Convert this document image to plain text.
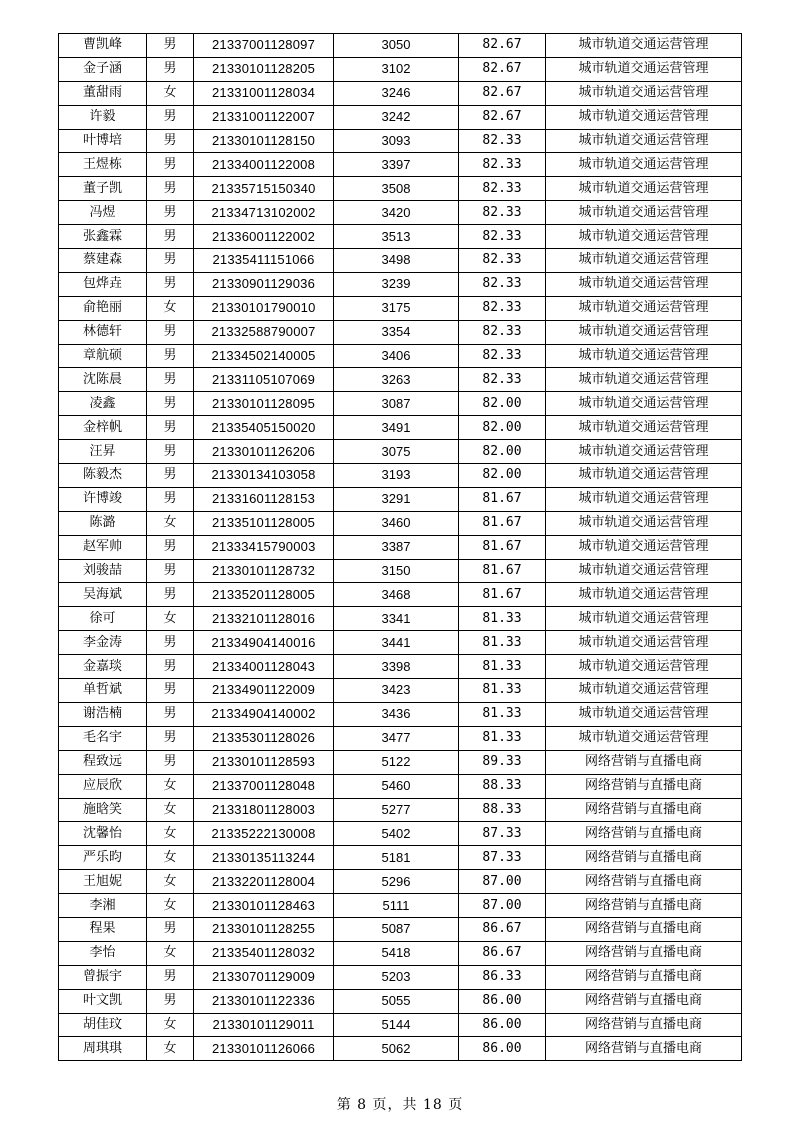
曹凯峰	男	21337001128097	3050	82.67	城市轨道交通运营管理
金子涵	男	21330101128205	3102	82.67	城市轨道交通运营管理
董甜雨	女	21331001128034	3246	82.67	城市轨道交通运营管理
许毅	男	21331001122007	3242	82.67	城市轨道交通运营管理
叶博培	男	21330101128150	3093	82.33	城市轨道交通运营管理
王煜栋	男	21334001122008	3397	82.33	城市轨道交通运营管理
董子凯	男	21335715150340	3508	82.33	城市轨道交通运营管理
冯煜	男	21334713102002	3420	82.33	城市轨道交通运营管理
张鑫霖	男	21336001122002	3513	82.33	城市轨道交通运营管理
蔡建森	男	21335411151066	3498	82.33	城市轨道交通运营管理
包烨垚	男	21330901129036	3239	82.33	城市轨道交通运营管理
俞艳丽	女	21330101790010	3175	82.33	城市轨道交通运营管理
林德轩	男	21332588790007	3354	82.33	城市轨道交通运营管理
章航硕	男	21334502140005	3406	82.33	城市轨道交通运营管理
沈陈晨	男	21331105107069	3263	82.33	城市轨道交通运营管理
凌鑫	男	21330101128095	3087	82.00	城市轨道交通运营管理
金梓帆	男	21335405150020	3491	82.00	城市轨道交通运营管理
汪昇	男	21330101126206	3075	82.00	城市轨道交通运营管理
陈毅杰	男	21330134103058	3193	82.00	城市轨道交通运营管理
许博竣	男	21331601128153	3291	81.67	城市轨道交通运营管理
陈潞	女	21335101128005	3460	81.67	城市轨道交通运营管理
赵军帅	男	21333415790003	3387	81.67	城市轨道交通运营管理
刘骏喆	男	21330101128732	3150	81.67	城市轨道交通运营管理
吴海斌	男	21335201128005	3468	81.67	城市轨道交通运营管理
徐可	女	21332101128016	3341	81.33	城市轨道交通运营管理
李金涛	男	21334904140016	3441	81.33	城市轨道交通运营管理
金嘉琰	男	21334001128043	3398	81.33	城市轨道交通运营管理
单哲斌	男	21334901122009	3423	81.33	城市轨道交通运营管理
谢浩楠	男	21334904140002	3436	81.33	城市轨道交通运营管理
毛名宇	男	21335301128026	3477	81.33	城市轨道交通运营管理
程致远	男	21330101128593	5122	89.33	网络营销与直播电商
应辰欣	女	21337001128048	5460	88.33	网络营销与直播电商
施晗笑	女	21331801128003	5277	88.33	网络营销与直播电商
沈馨怡	女	21335222130008	5402	87.33	网络营销与直播电商
严乐昀	女	21330135113244	5181	87.33	网络营销与直播电商
王旭妮	女	21332201128004	5296	87.00	网络营销与直播电商
李湘	女	21330101128463	5111	87.00	网络营销与直播电商
程果	男	21330101128255	5087	86.67	网络营销与直播电商
李怡	女	21335401128032	5418	86.67	网络营销与直播电商
曾振宇	男	21330701129009	5203	86.33	网络营销与直播电商
叶文凯	男	21330101122336	5055	86.00	网络营销与直播电商
胡佳玟	女	21330101129011	5144	86.00	网络营销与直播电商
周琪琪	女	21330101126066	5062	86.00	网络营销与直播电商
第 8 页，共 18 页
